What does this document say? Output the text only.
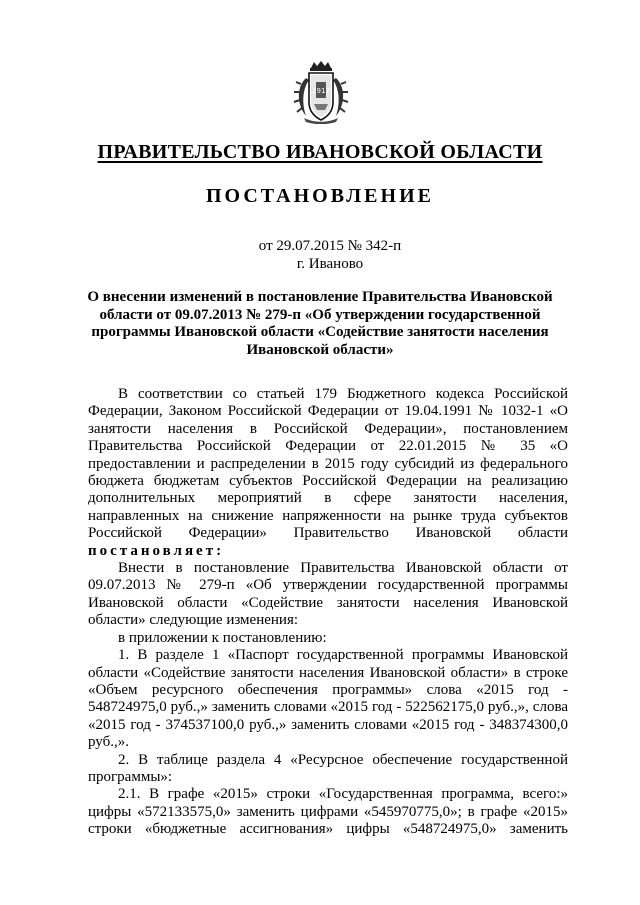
1917
ПРАВИТЕЛЬСТВО ИВАНОВСКОЙ ОБЛАСТИ
ПОСТАНОВЛЕНИЕ
от 29.07.2015 № 342-п
г. Иваново
О внесении изменений в постановление Правительства Ивановской области от 09.07.2013 № 279-п «Об утверждении государственной программы Ивановской области «Содействие занятости населения Ивановской области»

В соответствии со статьей 179 Бюджетного кодекса Российской Федерации, Законом Российской Федерации от 19.04.1991 № 1032-1 «О занятости населения в Российской Федерации», постановлением Правительства Российской Федерации от 22.01.2015 № 35 «О предоставлении и распределении в 2015 году субсидий из федерального бюджета бюджетам субъектов Российской Федерации на реализацию дополнительных мероприятий в сфере занятости населения, направленных на снижение напряженности на рынке труда субъектов Российской Федерации» Правительство Ивановской области постановляет:

Внести в постановление Правительства Ивановской области от 09.07.2013 № 279-п «Об утверждении государственной программы Ивановской области «Содействие занятости населения Ивановской области» следующие изменения:

в приложении к постановлению:

1. В разделе 1 «Паспорт государственной программы Ивановской области «Содействие занятости населения Ивановской области» в строке «Объем ресурсного обеспечения программы» слова «2015 год - 548724975,0 руб.,» заменить словами «2015 год - 522562175,0 руб.,», слова «2015 год - 374537100,0 руб.,» заменить словами «2015 год - 348374300,0 руб.,».

2. В таблице раздела 4 «Ресурсное обеспечение государственной программы»:

2.1. В графе «2015» строки «Государственная программа, всего:» цифры «572133575,0» заменить цифрами «545970775,0»; в графе «2015» строки «бюджетные ассигнования» цифры «548724975,0» заменить
